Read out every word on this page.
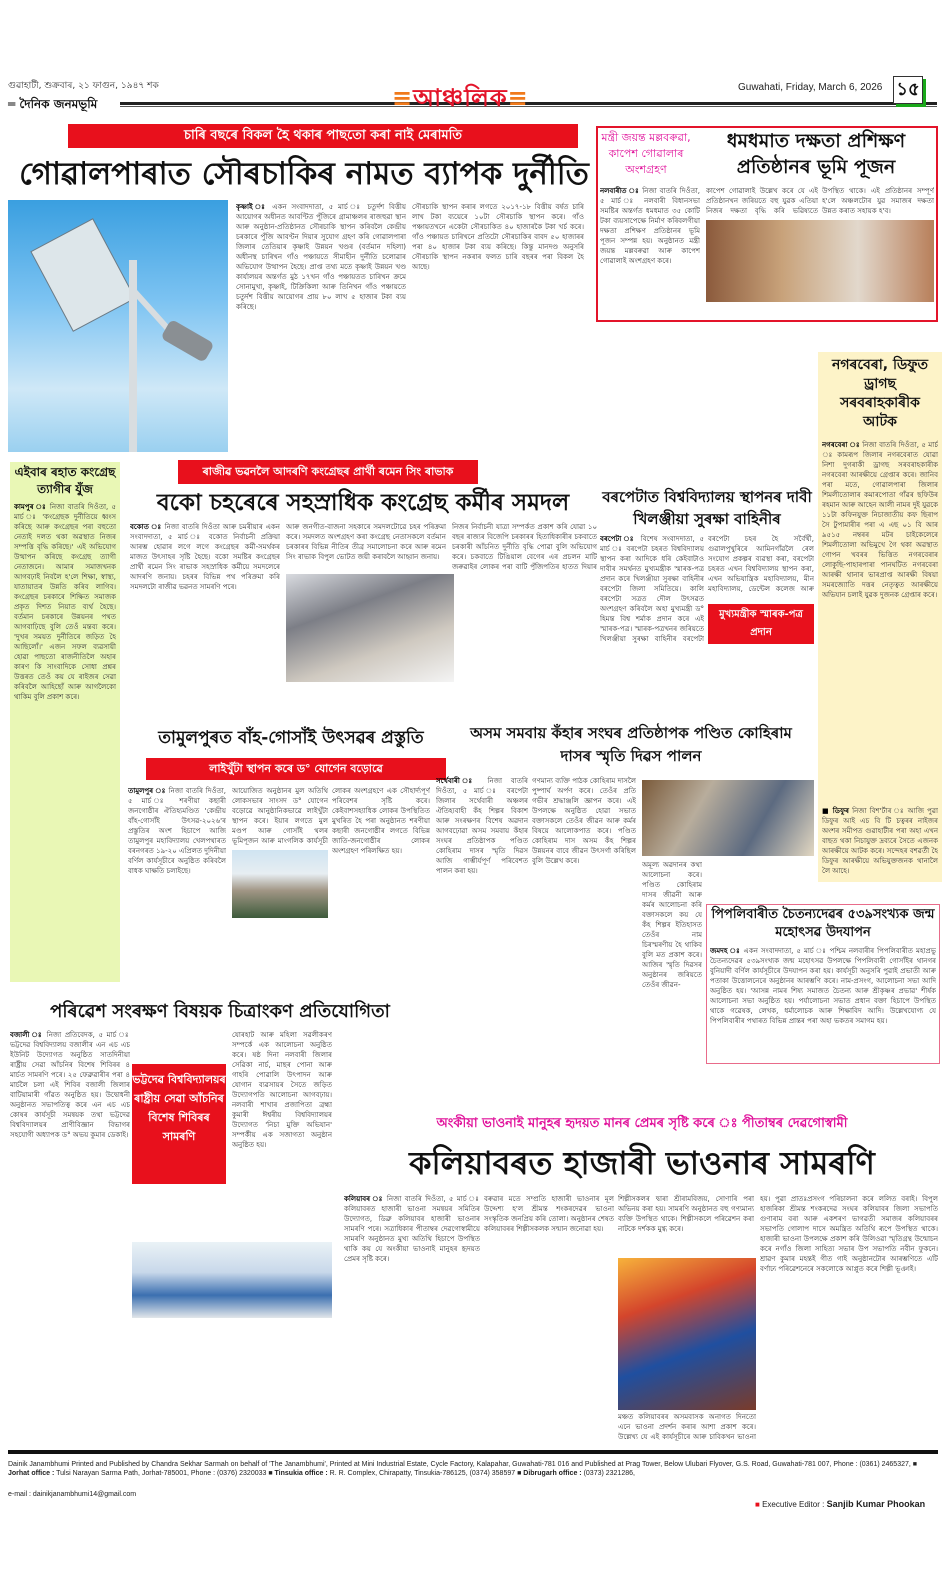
গুৱাহাটী, শুক্ৰবাৰ, ২১ ফাগুন, ১৯৪৭ শক
═ দৈনিক জনমভূমি	≡আঞ্চলিক≡	Guwahati, Friday, March 6, 2026 ১৫
চাৰি বছৰে বিকল হৈ থকাৰ পাছতো কৰা নাই মেৰামতি
গোৱালপাৰাত সৌৰচাকিৰ নামত ব্যাপক দুৰ্নীতি
কৃষ্ণাই ঃ একন সংবাদদাতা, ৫ মাৰ্চ ঃ চতুৰ্দশ বিত্তীয় আয়োগৰ অধীনত আবণ্টিত পুঁজিৰে গ্ৰামাঞ্চলৰ ৰাজহুৱা স্থান আৰু অনুষ্ঠান-প্ৰতিষ্ঠানত সৌৰচাকি স্থাপন কৰিবলৈ কেন্দ্ৰীয় চৰকাৰে পুঁজি আবণ্টন দিয়াৰ সুযোগ গ্ৰহণ কৰি গোৱালপাৰা জিলাৰ তেতিয়াৰ কৃষ্ণাই উন্নয়ন খণ্ডৰ (বৰ্তমান দহিলা) অধীনস্থ চাৰিখন গাঁও পঞ্চায়তে সীমাহীন দুৰ্নীতি চলোৱাৰ অভিযোগ উত্থাপন হৈছে। প্ৰাপ্ত তথ্য মতে কৃষ্ণাই উন্নয়ন খণ্ড কাৰ্যালয়ৰ অন্তৰ্গত মুঠ ১৭খন গাঁও পঞ্চায়তত চাৰিখন ক্ৰমে সোনামুখা, কৃষ্ণাই, টিক্ৰিকিলা আৰু তিনিখন গাঁও পঞ্চায়তে চতুৰ্দশ বিত্তীয় আয়োগৰ প্ৰায় ৮০ লাখ ৫ হাজাৰ টকা ব্যয় কৰিছে।
সৌৰচাকি স্থাপন কৰাৰ লগতে ২০১৭-১৮ বিত্তীয় বৰ্ষত চাৰি লাখ টকা ব্যয়েৰে ১০টা সৌৰচাকি স্থাপন কৰে। গাঁও পঞ্চায়তখনে একেটা সৌৰচাকিত ৪০ হাজাৰকৈ টকা খৰ্চ কৰে। গাঁও পঞ্চায়ত চাৰিখনে প্ৰতিটো সৌৰচাকিৰ বাবদ ৫০ হাজাৰৰ পৰা ৪০ হাজাৰ টকা ব্যয় কৰিছে। কিন্তু মানদণ্ড অনুসৰি সৌৰচাকি স্থাপন নকৰাৰ ফলত চাৰি বছৰৰ পৰা বিকল হৈ আছে।
মন্ত্ৰী জয়ন্ত মল্লবৰুৱা, কাপেশ গোৱালাৰ অংশগ্ৰহণ
ধমধমাত দক্ষতা প্ৰশিক্ষণ প্ৰতিষ্ঠানৰ ভূমি পূজন
নলবাৰীত ঃ নিজা বাতৰি দিওঁতা, ৫ মাৰ্চ ঃ নলবাৰী বিধানসভা সমষ্টিৰ অন্তৰ্গত ধমধমাত ৩৫ কোটি টকা ব্যয়সাপেক্ষে নিৰ্মাণ কৰিবলগীয়া দক্ষতা প্ৰশিক্ষণ প্ৰতিষ্ঠানৰ ভূমি পূজন সম্পন্ন হয়। অনুষ্ঠানত মন্ত্ৰী জয়ন্ত মল্লবৰুৱা আৰু কাপেশ গোৱালাই অংশগ্ৰহণ কৰে।
কাপেশ গোৱালাই উল্লেখ কৰে যে এই প্ৰতিষ্ঠানখন জৰিয়তে বহু যুৱক এতিয়া নিজৰ দক্ষতা বৃদ্ধি কৰি ভৱিষ্যতে
উপস্থিত থাকে। এই প্ৰতিষ্ঠানৰ সম্পূৰ্ণ হ'লে অঞ্চলটোৰ যুৱ সমাজৰ দক্ষতা উন্নত কৰাত সহায়ক হ'ব।
নগৰবেৰা, ডিফুত ড্ৰাগছ সৰবৰাহকাৰীক আটক
নগৰবেৰা ঃ নিজা বাতৰি দিওঁতা, ৫ মাৰ্চ ঃ কামৰূপ জিলাৰ নগৰবেৰাত যোৱা নিশা দুগৰাকী ড্ৰাগছ সৰবৰাহকাৰীক নগৰবেৰা আৰক্ষীয়ে গ্ৰেপ্তাৰ কৰে। জানিব পৰা মতে, গোৱালপাৰা জিলাৰ শিমলীতোলাৰ কমাৰপোতা গাঁৱৰ ছফিউৰ ৰহমান আৰু আহেন আলী নামৰ দুই যুৱকে ১১টা কফিনযুক্ত নিচাজাতীয় কফ ছিৰাপ সৈ টুপামাৰীৰ পৰা এ এছ ০১ বি আৰ ৯৫১৫ নম্বৰৰ মটৰ চাইকেলেৰে শিমলীতোলা অভিমুখে গৈ থকা অৱস্থাত গোপন খবৰৰ ভিত্তিত নগৰবেৰাৰ লোকুছি-পাহাৰপাৰা পানঘটিত নগৰবেৰা আৰক্ষী থানাৰ ভাৰপ্ৰাপ্ত আৰক্ষী বিষয়া সমৰজ্যোতি দত্তৰ নেতৃত্বত আৰক্ষীয়ে অভিযান চলাই যুৱক দুজনক গ্ৰেপ্তাৰ কৰে।
■ ডিফুৰ নিজা বিশ'ৰ্টাৰ ঃ আজি পুৱা ডিফুৰ আই এচ বি টি চত্বৰৰ নাইজৰ অংশৰ সমীপত গুৱাহাটীৰ পৰা অহা এখন বাছত থকা নিচাযুক্ত দ্ৰব্যৰে সৈতে এজনক আৰক্ষীয়ে আটক কৰে। সন্দেহৰ বশৱৰ্তী হৈ ডিফুৰ আৰক্ষীয়ে অভিযুক্তজনক থানালৈ লৈ আহে।
এইবাৰ ৰহাত কংগ্ৰেছ ত্যাগীৰ যুঁজ
কামপুৰ ঃ নিজা বাতৰি দিওঁতা, ৫ মাৰ্চ ঃ 'কংগ্ৰেছক দুৰ্নীতিয়ে ধ্বংস কৰিছে আৰু কংগ্ৰেছৰ পৰা বহুতো নেতাই দলত থকা অৱস্থাত নিজৰ সম্পত্তি বৃদ্ধি কৰিছে।' এই অভিযোগ উত্থাপন কৰিছে কংগ্ৰেছ ত্যাগী নেতাজনে। আমাৰ সমাজখনক আগবঢ়াই নিবলৈ হ'লে শিক্ষা, স্বাস্থ্য, যাতায়াতৰ উন্নতি কৰিব লাগিব। কংগ্ৰেছৰ চৰকাৰে শিক্ষিত সমাজক প্ৰকৃত দিশত নিয়াত ব্যৰ্থ হৈছে। বৰ্তমান চৰকাৰে উন্নয়নৰ পথত আগবাঢ়িছে বুলি তেওঁ মন্তব্য কৰে। 'দুখৰ সময়ত দুৰ্নীতিৰে জড়িত হৈ আছিলোঁ।' এজন সফল ব্যৱসায়ী হোৱা পাছতো ৰাজনীতিলৈ অহাৰ কাৰণ কি সাংবাদিকে সোধা প্ৰশ্নৰ উত্তৰত তেওঁ কয় যে ৰাইজৰ সেৱা কৰিবলৈ আহিছোঁ আৰু আগলৈকো থাকিম বুলি প্ৰকাশ কৰে।
ৰাজীৱ ভৱনলৈ আদৰণি কংগ্ৰেছৰ প্ৰাৰ্থী ৰমেন সিং ৰাভাক
বকো চহৰেৰে সহস্ৰাধিক কংগ্ৰেছ কৰ্মীৰ সমদল
বকোত ঃ নিজা বাতৰি দিওঁতা আৰু চমৰীয়াৰ একন সংবাদদাতা, ৫ মাৰ্চ ঃ বকোত নির্বাচনী প্ৰক্ৰিয়া আৰম্ভ হোৱাৰ লগে লগে কংগ্ৰেছৰ কৰ্মী-সমৰ্থকৰ মাজত উৎসাহৰ সৃষ্টি হৈছে। বকো সমষ্টিৰ কংগ্ৰেছৰ প্ৰাৰ্থী ৰমেন সিং ৰাভাক সহস্ৰাধিক কৰ্মীয়ে সমদলেৰে আদৰণি জনায়। চহৰৰ বিভিন্ন পথ পৰিক্ৰমা কৰি সমদলটো ৰাজীৱ ভৱনত সামৰণি পৰে।
আৰু জনগীত-বাজনা সহকাৰে সমদলটোৱে চহৰ পৰিক্ৰমা কৰে। সমদলত অংশগ্ৰহণ কৰা কংগ্ৰেছ নেতাসকলে বৰ্তমান চৰকাৰৰ বিভিন্ন নীতিৰ তীব্ৰ সমালোচনা কৰে আৰু ৰমেন সিং ৰাভাক বিপুল ভোটত জয়ী কৰাবলৈ আহ্বান জনায়।
নিজৰ নিৰ্বাচনী যাত্ৰা সম্পৰ্কত প্ৰকাশ কৰি যোৱা ১০ বছৰ ৰাজ্যৰ বিজেপি চৰকাৰৰ হিতাধিকাৰীৰ চকবাতে চৰকাৰী আঁচনিত দুৰ্নীতি বৃদ্ধি পোৱা বুলি অভিযোগ কৰে। চকবাতে টিঙিয়াল বেগেৰ এৰ প্ৰচলন মাটি জৰুৱাইৰ লোকৰ পৰা বাটি পুঁজিপতিৰ হাতত দিয়াৰ
বৰপেটাত বিশ্ববিদ্যালয় স্থাপনৰ দাবী খিলঞ্জীয়া সুৰক্ষা বাহিনীৰ
বৰপেটা ঃ বিশেষ সংবাদদাতা, ৫ মাৰ্চ ঃ বৰপেটা চহৰত বিশ্ববিদ্যালয় স্থাপন কৰা আদিকে ধৰি কেইবাটাও দাবীৰ সমৰ্থনত মুখ্যমন্ত্ৰীক স্মাৰক-পত্ৰ প্ৰদান কৰে খিলঞ্জীয়া সুৰক্ষা বাহিনীৰ বৰপেটা জিলা সমিতিয়ে। কালি বৰপেটা সত্ৰত দৌল উৎসৱত অংশগ্ৰহণ কৰিবলৈ অহা মুখ্যমন্ত্ৰী ড° হিমন্ত বিশ্ব শৰ্মাক প্ৰদান কৰে এই স্মাৰক-পত্ৰ। স্মাৰক-পত্ৰখনৰ জৰিয়তে খিলঞ্জীয়া সুৰক্ষা বাহিনীৰ বৰপেটা
মুখ্যমন্ত্ৰীক স্মাৰক-পত্ৰ প্ৰদান
বৰপেটা চহৰ হৈ সৰ্বৈৰ্থী, গুৱালপুখুৰিৰে আমিনগাঁৱলৈ ৰেল সংযোগ প্ৰকল্পৰ ব্যৱস্থা কৰা, বৰপেটা চহৰত এখন বিশ্ববিদ্যালয় স্থাপন কৰা, এখন অভিযান্ত্ৰিক মহাবিদ্যালয়, মীন মহাবিদ্যালয়, ডেন্টেল কলেজ আৰু
তামুলপুৰত বাঁহ-গোসাঁই উৎসৱৰ প্ৰস্তুতি
লাইখুঁটা স্থাপন কৰে ড° যোগেন বড়োৱে
তামুলপুৰ ঃ নিজা বাতৰি দিওঁতা, ৫ মাৰ্চ ঃ শৰণীয়া কছাৰী জনগোষ্ঠীৰ ঐতিহ্যমণ্ডিত 'কেন্দ্ৰীয় বাঁহ-গোসাঁই উৎসৱ-২০২৬'ৰ প্ৰস্তুতিৰ অংশ হিচাপে আজি তামুলপুৰ মহাবিদ্যালয় খেলপথাৰত বৰনগৰত ১৯-২০ এপ্ৰিলত দুদিনীয়া বৰ্ণিল কাৰ্যসূচীৰে অনুষ্ঠিত কৰিবলৈ বাধক ঘাক্ষতি চলাইছে।
আয়োজিত অনুষ্ঠানৰ মুল অতিথি লোকসভাৰ সাংসদ ড° যোগেন বড়োৱে আনুষ্ঠানিকভাৱে লাইখুঁটা স্থাপন কৰে। ইয়াৰ লগতে মুল মণ্ডপ আৰু গোসাঁই থলৰ ভূমিপূজন আৰু মাংগলিক কাৰ্যসূচী
লোকৰ অংশগ্ৰহণে এক সৌহাৰ্দ্যপূৰ্ণ পৰিবেশৰ সৃষ্টি কৰে। কেইবাশসহ্যাধিক লোকৰ উপস্থিতিত মুখৰিত হৈ পৰা অনুষ্ঠানত শৰণীয়া কছাৰী জনগোষ্ঠীৰ লগতে বিভিন্ন জাতি-জনগোষ্ঠীৰ লোকৰ অংশগ্ৰহণ পৰিলক্ষিত হয়।
অসম সমবায় কঁহাৰ সংঘৰ প্ৰতিষ্ঠাপক পণ্ডিত কোহিৰাম দাসৰ স্মৃতি দিৱস পালন
সৰ্থেবাৰী ঃ নিজা বাতৰি দিওঁতা, ৫ মাৰ্চ ঃ বৰপেটা জিলাৰ সৰ্থেবাৰী অঞ্চলৰ ঐতিহ্যবাহী কঁহ শিল্পৰ বিকাশ আৰু সংৰক্ষণৰ বিশেষ অৱদান আগবঢ়োৱা অসম সমবায় কঁহাৰ সংঘৰ প্ৰতিষ্ঠাপক পণ্ডিত কোহিৰাম দাসৰ স্মৃতি দিৱস আজি গাম্ভীৰ্যপূৰ্ণ পৰিবেশত পালন কৰা হয়।
গণমান্য ব্যক্তি পাঠক কোহিৰাম দাসলৈ পুষ্পাৰ্ঘ অৰ্পণ কৰে। তেওঁৰ প্ৰতি গভীৰ শ্ৰদ্ধাঞ্জলি জ্ঞাপন কৰে। এই উপলক্ষে অনুষ্ঠিত হোৱা সভাত বক্তাসকলে তেওঁৰ জীৱন আৰু কৰ্মৰ বিষয়ে আলোকপাত কৰে। পণ্ডিত কোহিৰাম দাস অসম কঁহ শিল্পৰ উন্নয়নৰ বাবে জীৱন উৎসৰ্গা কৰিছিল বুলি উল্লেখ কৰে।	অমূল্য অৱদানৰ কথা আলোচনা কৰে। পণ্ডিত কোহিৰাম দাসৰ জীৱনী আৰু কৰ্মৰ আলোচনা কৰি বক্তাসকলে কয় যে কঁহ শিল্পৰ ইতিহাসত তেওঁৰ নাম চিৰস্মৰণীয় হৈ থাকিব বুলি মত প্ৰকাশ কৰে। আজিৰ স্মৃতি দিৱসৰ অনুষ্ঠানৰ জৰিয়তে তেওঁৰ জীৱন-
পিপলিবাৰীত চৈতন্যদেৱৰ ৫৩৯সংখ্যক জন্ম মহোৎসৱ উদযাপন
জমদহ ঃ একন সংবাদদাতা, ৫ মাৰ্চ ঃ পশ্চিম নলবাৰীৰ পিপলিবাৰীত মহাপ্ৰভু চৈতন্যদেৱৰ ৫৩৯সংখ্যক জন্ম মহোৎসৱ উপলক্ষে পিপলিবাৰী গোসাঁইৰ থানগৰ বুনিয়াদী বৰ্ণিল কাৰ্যসূচীৰে উদযাপন কৰা হয়। কাৰ্যসূচী অনুসৰি পুৱাই প্ৰভাতী আৰু পতাকা উত্তোলনেৰে অনুষ্ঠানৰ আৰম্ভণি কৰে। নাম-প্ৰসংগ, আলোচনা সভা আদি অনুষ্ঠিত হয়। 'আসন্ন নামৰ শিষ্য সমাজত চৈতন্য আৰু শ্ৰীকৃষ্ণৰ প্ৰভাৱ' শীৰ্ষক আলোচনা সভা অনুষ্ঠিত হয়। পৰ্যালোচনা সভাত প্ৰধান বক্তা হিচাপে উপস্থিত থাকে গৱেষক, লেখক, ধৰ্মালোচক আৰু শিক্ষাবিদ আদি। উল্লেখযোগ্য যে পিপলিবাৰীৰ পথাৰত বিভিন্ন প্ৰান্তৰ পৰা অহা ভকতৰ সমাগম হয়।
পৰিৱেশ সংৰক্ষণ বিষয়ক চিত্ৰাংকণ প্ৰতিযোগিতা
বজালী ঃ নিজা প্ৰতিবেদক, ৫ মাৰ্চ ঃ ভট্টদেৱ বিশ্ববিদ্যালয় বজালীৰ এন এচ এচ ইউনিট উদ্যোগত অনুষ্ঠিত সাতদিনীয়া ৰাষ্ট্ৰীয় সেৱা আঁচনিৰ বিশেষ শিবিৰৰ ৪ মাৰ্চত সামৰণি পৰে। ২৫ ফেব্ৰুৱাৰীৰ পৰা ৪ মাৰ্চলৈ চলা এই শিবিৰ বজালী জিলাৰ বাটিয়ামাৰী গাঁৱত অনুষ্ঠিত হয়। উদ্বোধনী অনুষ্ঠানত সভাপতিত্ব কৰে এন এচ এচ কোষৰ কাৰ্যসূচী সমন্বয়ক তথা ভট্টদেৱ বিশ্ববিদ্যালয়ৰ প্ৰাণীবিজ্ঞান বিভাগৰ সহযোগী অধ্যাপক ড° অভয় কুমাৰ ডেকাই।
যোৰহাট আৰু মহিলা সৱলীকৰণ সম্পৰ্কে এক আলোচনা অনুষ্ঠিত কৰে। ষষ্ঠ দিনা নলবাৰী জিলাৰ সেৱিকা নাৰ্চ, মাছৰ পোনা আৰু গাহৰি পোৱালি উৎপাদন আৰু যোগান ব্যৱসায়ৰ সৈতে জড়িত উদ্যোগপতি আলোচনা আগবঢ়ায়। নলবাৰী শাখাৰ প্ৰজাপিতা ব্ৰহ্মা কুমাৰী ঈশ্বৰীয় বিশ্ববিদ্যালয়ৰ উদ্যোগত 'নিচা মুক্তি অভিযান' সম্পৰ্কীয় এক সজাগতা অনুষ্ঠান অনুষ্ঠিত হয়।
ভট্টদেৱ বিশ্ববিদ্যালয়ৰ ৰাষ্ট্ৰীয় সেৱা আঁচনিৰ বিশেষ শিবিৰৰ সামৰণি
অংকীয়া ভাওনাই মানুহৰ হৃদয়ত মানৰ প্ৰেমৰ সৃষ্টি কৰে ঃ পীতাম্বৰ দেৱগোস্বামী
কলিয়াবৰত হাজাৰী ভাওনাৰ সামৰণি
কলিয়াবৰ ঃ নিজা বাতৰি দিওঁতা, ৫ মাৰ্চ ঃ কলিয়াবৰত হাজাৰী ভাওনা সমন্বয়ৰ সমিতিৰ উদ্যোগত, ডিব্ৰু কলিয়াবৰ হাজাৰী ভাওনাৰ সামৰণি পৰে। সত্ৰাধিকাৰ পীতাম্বৰ দেৱগোস্বামীয়ে সামৰণি অনুষ্ঠানত মুখ্য অতিথি হিচাপে উপস্থিত থাকি কয় যে অংকীয়া ভাওনাই মানুহৰ হৃদয়ত প্ৰেমৰ সৃষ্টি কৰে।
বৰুৱাৰ মতে সম্প্ৰতি হাজাৰী ভাওনাৰ মূল উদ্দেশ্য হ'ল শ্ৰীমন্ত শংকৰদেৱৰ ভাওনা সংস্কৃতিক জনপ্ৰিয় কৰি তোলা। অনুষ্ঠানৰ শেষত কলিয়াবৰৰ শিল্পীসকলক সন্মান জনোৱা হয়।
শিল্পীসকলৰ দ্বাৰা শ্ৰীৰামবিজয়, সোণাৰি পৰা অভিনয় কৰা হয়। সামৰণি অনুষ্ঠানত বহু গণ্যমান্য ব্যক্তি উপস্থিত থাকে। শিল্পীসকলে পৰিৱেশন কৰা নাটকে দৰ্শকক মুগ্ধ কৰে।
হয়। পুৱা প্ৰাতঃপ্ৰসংগ পৰিচালনা কৰে ললিত বৰাই। বিপুল হাজৰিকা শ্ৰীমন্ত শংকৰদেৱ সংঘৰ কলিয়াবৰ জিলা সভাপতি গুণাৰাম বৰা আৰু একশৰণ ভাগৱতী সমাজৰ কলিয়াবৰৰ সভাপতি গোলাপ দাসে অমন্ত্ৰিত অতিথি ৰূপে উপস্থিত থাকে। হাজাৰী ভাওনা উপলক্ষে প্ৰকাশ কৰি উলিওৱা স্মৃতিগ্ৰন্থ উন্মোচন কৰে নগাঁও জিলা সাহিত্য সভাৰ উপ সভাপতি নবীন ফুকনে। শ্ৰাৱণ কুমাৰ মহন্তই গীত গাই অনুষ্ঠানটোৰ আৰম্ভণিতে এটি বৰ্ণাঢ্য পৰিৱেশনেৰে সকলোকে আপ্লুত কৰে শিল্পী ভূঞাই।
মঞ্চত কলিয়াবৰৰ অসমবাসক অনাগত দিনতো এনে ভাওনা প্ৰদৰ্শন কৰাৰ আশা প্ৰকাশ কৰে। উল্লেখ্য যে এই কাৰ্যসূচীৰে আৰু চাবিকখন ভাওনা
Dainik Janambhumi Printed and Published by Chandra Sekhar Sarmah on behalf of 'The Janambhumi', Printed at Mini Industrial Estate, Cycle Factory, Kalapahar, Guwahati-781 016 and Published at Prag Tower, Below Ulubari Flyover, G.S. Road, Guwahati-781 007, Phone : (0361) 2465327, ■ Jorhat office : Tulsi Narayan Sarma Path, Jorhat-785001, Phone : (0376) 2320033 ■ Tinsukia office : R. R. Complex, Chirapatty, Tinsukia-786125, (0374) 358597 ■ Dibrugarh office : (0373) 2321286,
e-mail : dainikjanambhumi14@gmail.com
■ Executive Editor : Sanjib Kumar Phookan
